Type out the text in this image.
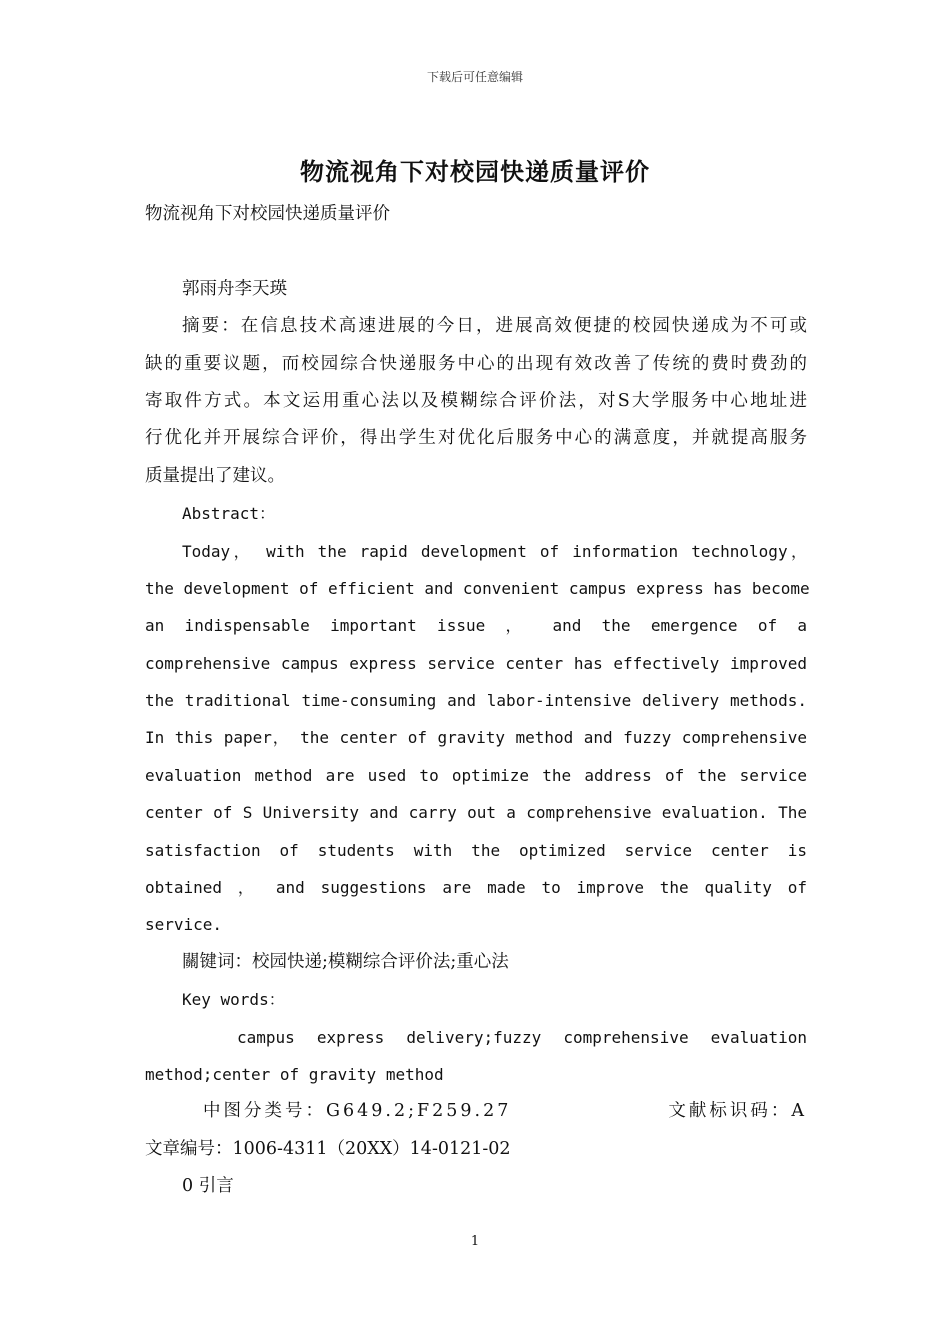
下载后可任意编辑
物流视角下对校园快递质量评价
物流视角下对校园快递质量评价
郭雨舟李天瑛
摘要：在信息技术高速进展的今日，进展高效便捷的校园快递成为不可或
缺的重要议题，而校园综合快递服务中心的出现有效改善了传统的费时费劲的
寄取件方式。本文运用重心法以及模糊综合评价法，对S大学服务中心地址进
行优化并开展综合评价，得出学生对优化后服务中心的满意度，并就提高服务
质量提出了建议。
Abstract：
Today， with the rapid development of information technology，
the development of efficient and convenient campus express has become
an indispensable important issue ， and the emergence of a
comprehensive campus express service center has effectively improved
the traditional time-consuming and labor-intensive delivery methods.
In this paper， the center of gravity method and fuzzy comprehensive
evaluation method are used to optimize the address of the service
center of S University and carry out a comprehensive evaluation. The
satisfaction of students with the optimized service center is
obtained ， and suggestions are made to improve the quality of
service.
關键词：校园快递;模糊综合评价法;重心法
Key words：
campus express delivery;fuzzy comprehensive evaluation
method;center of gravity method
中图分类号：G649.2;F259.27	文献标识码：A
文章编号：1006-4311（20XX）14-0121-02
0 引言
1
